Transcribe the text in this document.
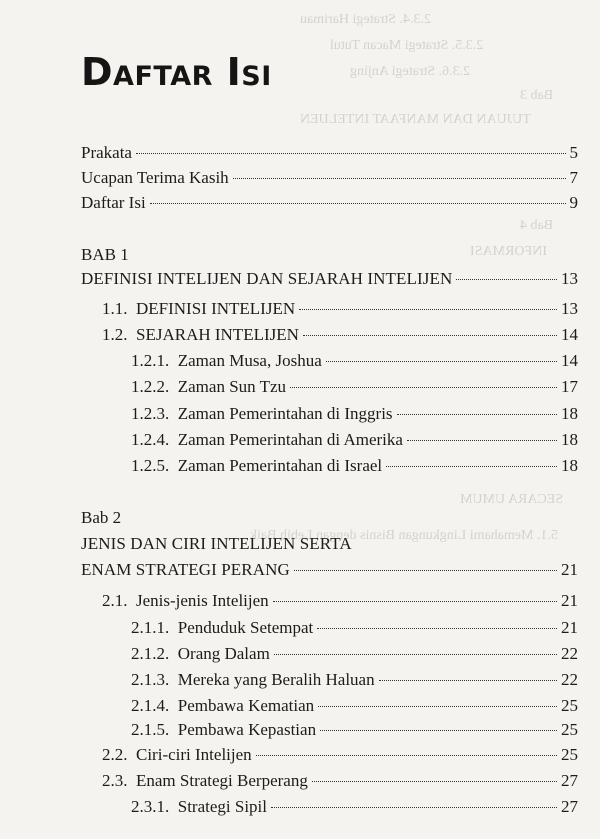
2.3.4. Strategi Harimau
2.3.5. Strategi Macan Tutul
2.3.6. Strategi Anjing
Bab 3
TUJUAN DAN MANFAAT INTELIJEN
Bab 4
INFORMASI
SECARA UMUM
5.1. Memahami Lingkungan Bisnis dengan Lebih Baik
Daftar Isi
Prakata	5
Ucapan Terima Kasih	7
Daftar Isi	9
BAB 1
DEFINISI INTELIJEN DAN SEJARAH INTELIJEN	13
1.1. DEFINISI INTELIJEN	13
1.2. SEJARAH INTELIJEN	14
1.2.1. Zaman Musa, Joshua	14
1.2.2. Zaman Sun Tzu	17
1.2.3. Zaman Pemerintahan di Inggris	18
1.2.4. Zaman Pemerintahan di Amerika	18
1.2.5. Zaman Pemerintahan di Israel	18
Bab 2
JENIS DAN CIRI INTELIJEN SERTA
ENAM STRATEGI PERANG	21
2.1. Jenis-jenis Intelijen	21
2.1.1. Penduduk Setempat	21
2.1.2. Orang Dalam	22
2.1.3. Mereka yang Beralih Haluan	22
2.1.4. Pembawa Kematian	25
2.1.5. Pembawa Kepastian	25
2.2. Ciri-ciri Intelijen	25
2.3. Enam Strategi Berperang	27
2.3.1. Strategi Sipil	27
